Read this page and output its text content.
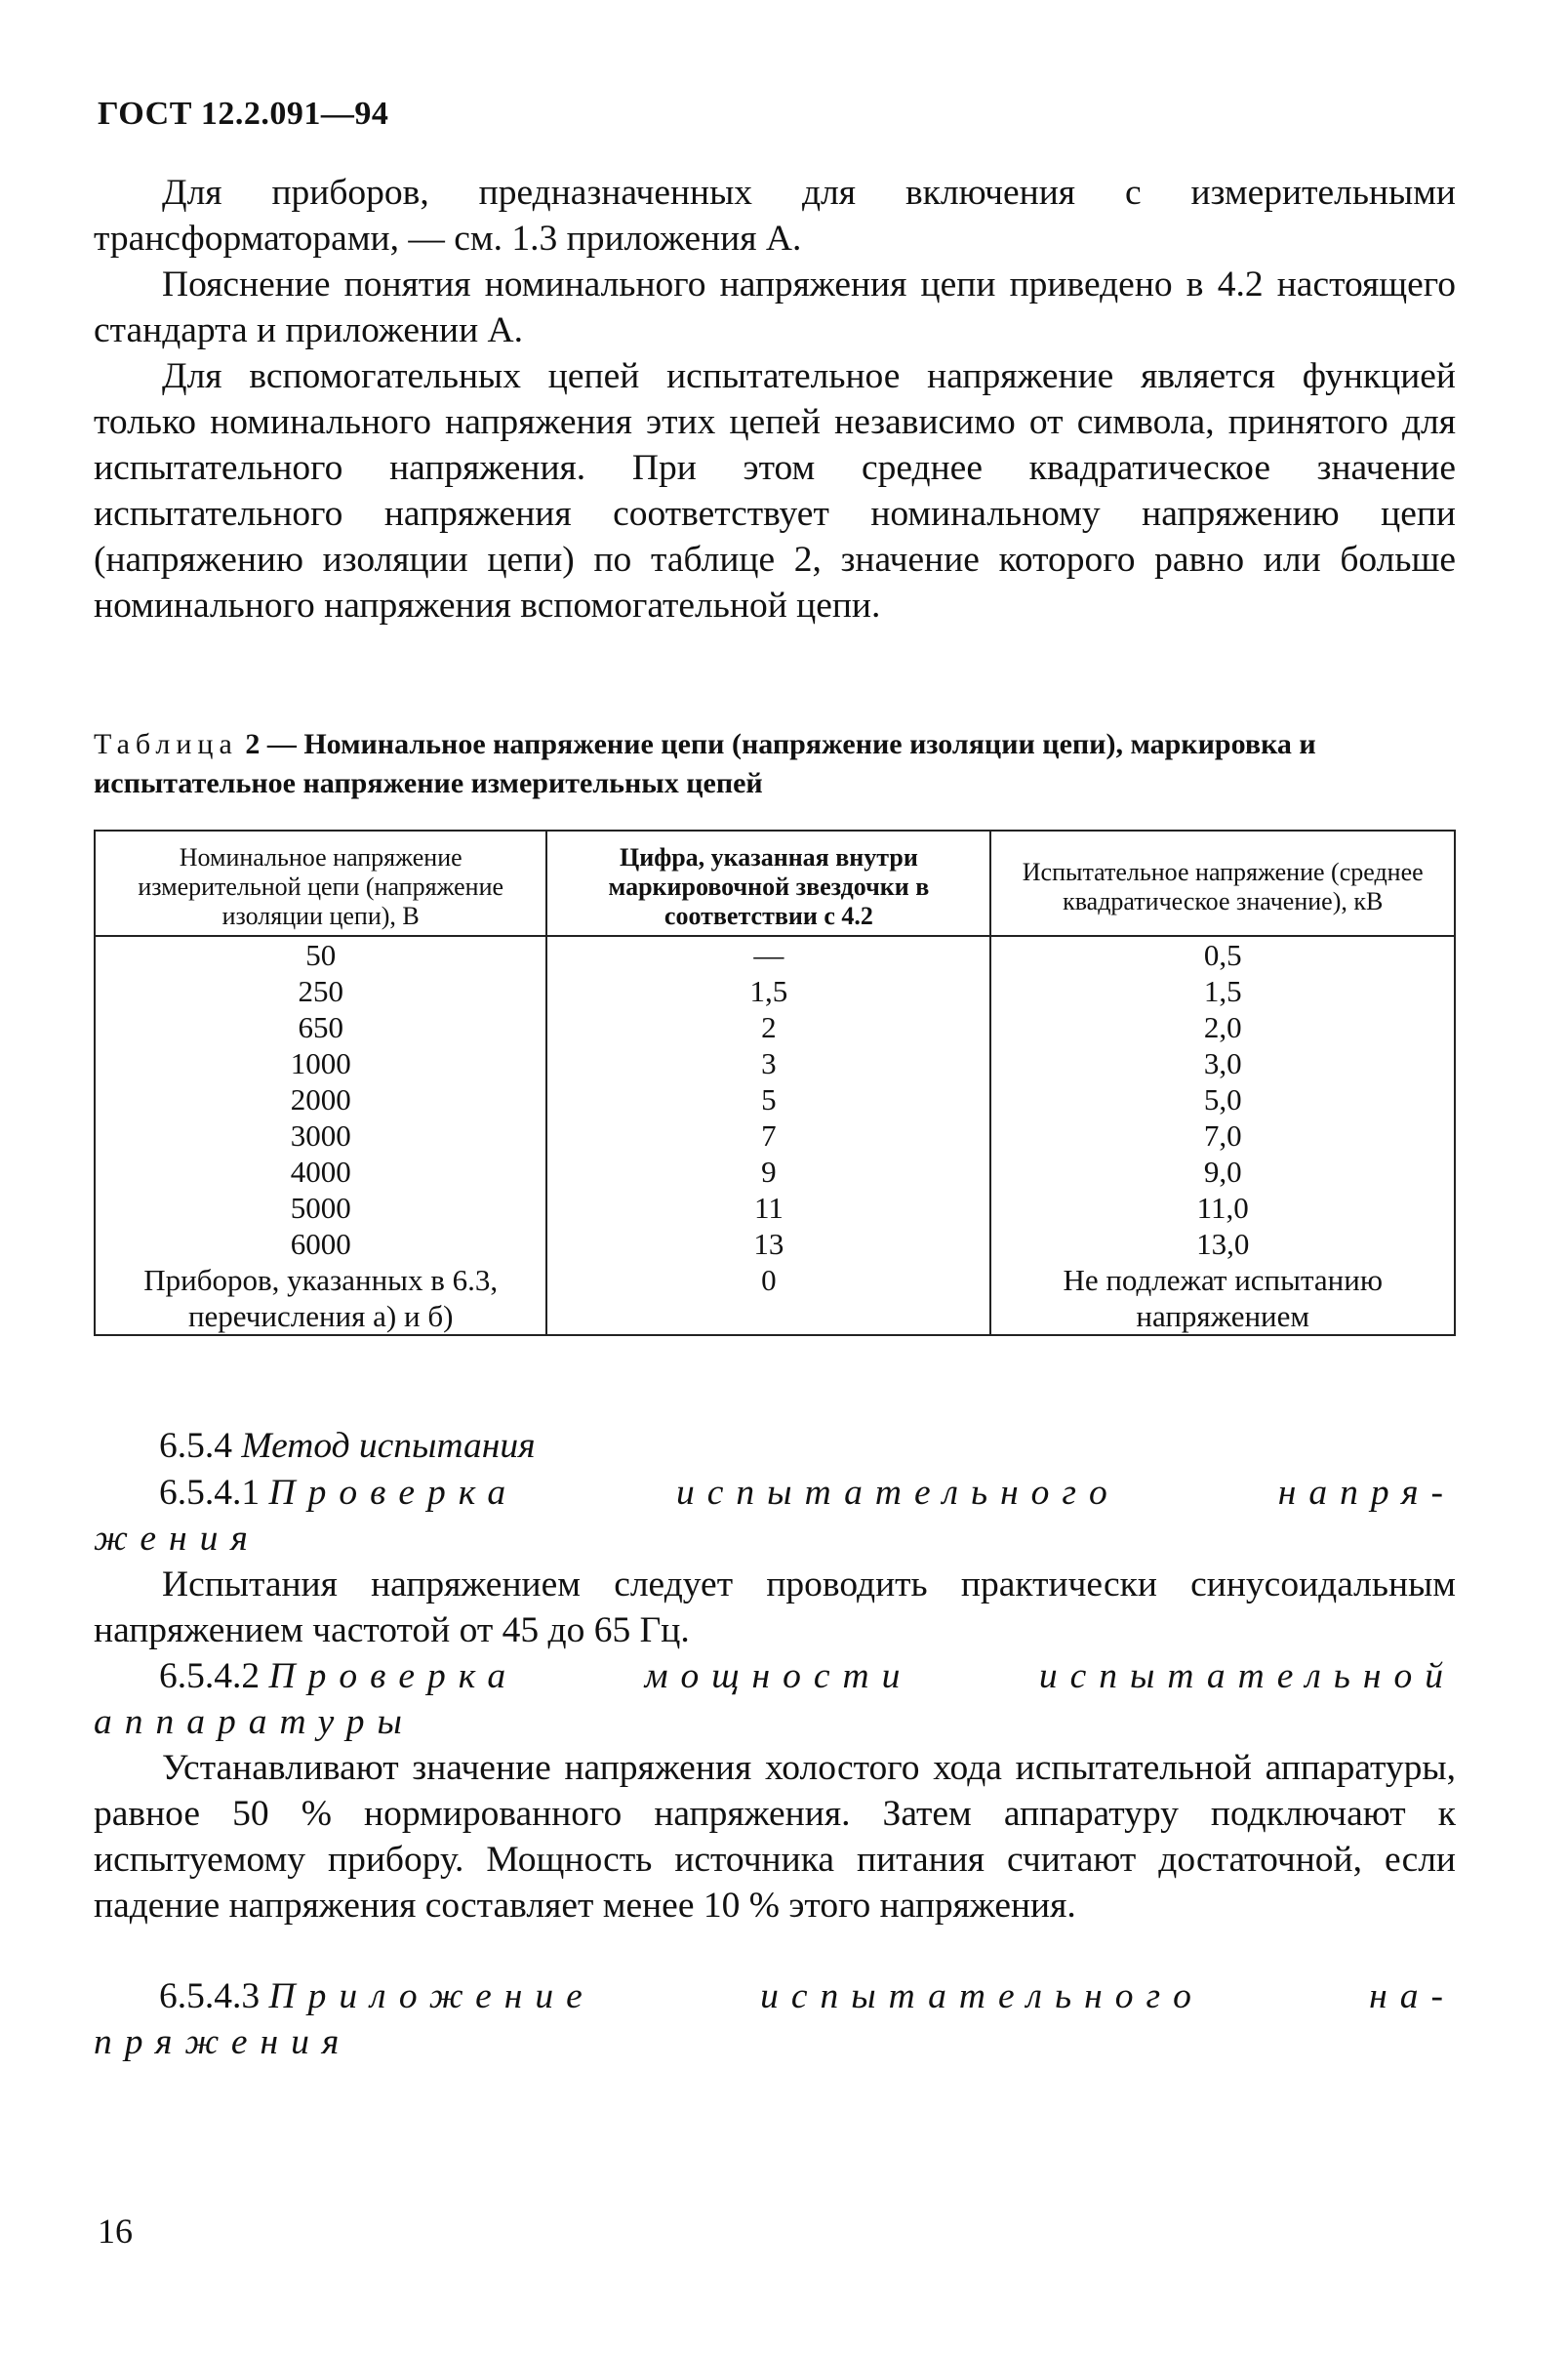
ГОСТ 12.2.091—94

Для приборов, предназначенных для включения с измерительными трансформаторами, — см. 1.3 приложения А.

Пояснение понятия номинального напряжения цепи приведено в 4.2 настоящего стандарта и приложении А.

Для вспомогательных цепей испытательное напряжение является функцией только номинального напряжения этих цепей независимо от символа, принятого для испытательного напряжения. При этом среднее квадратическое значение испытательного напряжения соответствует номинальному напряжению цепи (напряжению изоляции цепи) по таблице 2, значение которого равно или больше номинального напряжения вспомогательной цепи.

Таблица 2 — Номинальное напряжение цепи (напряжение изоляции цепи), маркировка и испытательное напряжение измерительных цепей

Номинальное напряжение измерительной цепи (напряжение изоляции цепи), В	Цифра, указанная внутри маркировочной звездочки в соответствии с 4.2	Испытательное напряжение (среднее квадратическое значение), кВ
50	—	0,5
250	1,5	1,5
650	2	2,0
1000	3	3,0
2000	5	5,0
3000	7	7,0
4000	9	9,0
5000	11	11,0
6000	13	13,0
Приборов, указанных в 6.3, перечисления а) и б)	0	Не подлежат испытанию напряжением

6.5.4 Метод испытания

6.5.4.1 Проверка	испытательного	напря-
жения

Испытания напряжением следует проводить практически синусоидальным напряжением частотой от 45 до 65 Гц.

6.5.4.2 Проверка	мощности	испытательной
аппаратуры

Устанавливают значение напряжения холостого хода испытательной аппаратуры, равное 50 % нормированного напряжения. Затем аппаратуру подключают к испытуемому прибору. Мощность источника питания считают достаточной, если падение напряжения составляет менее 10 % этого напряжения.

6.5.4.3 Приложение	испытательного	на-
пряжения
16
